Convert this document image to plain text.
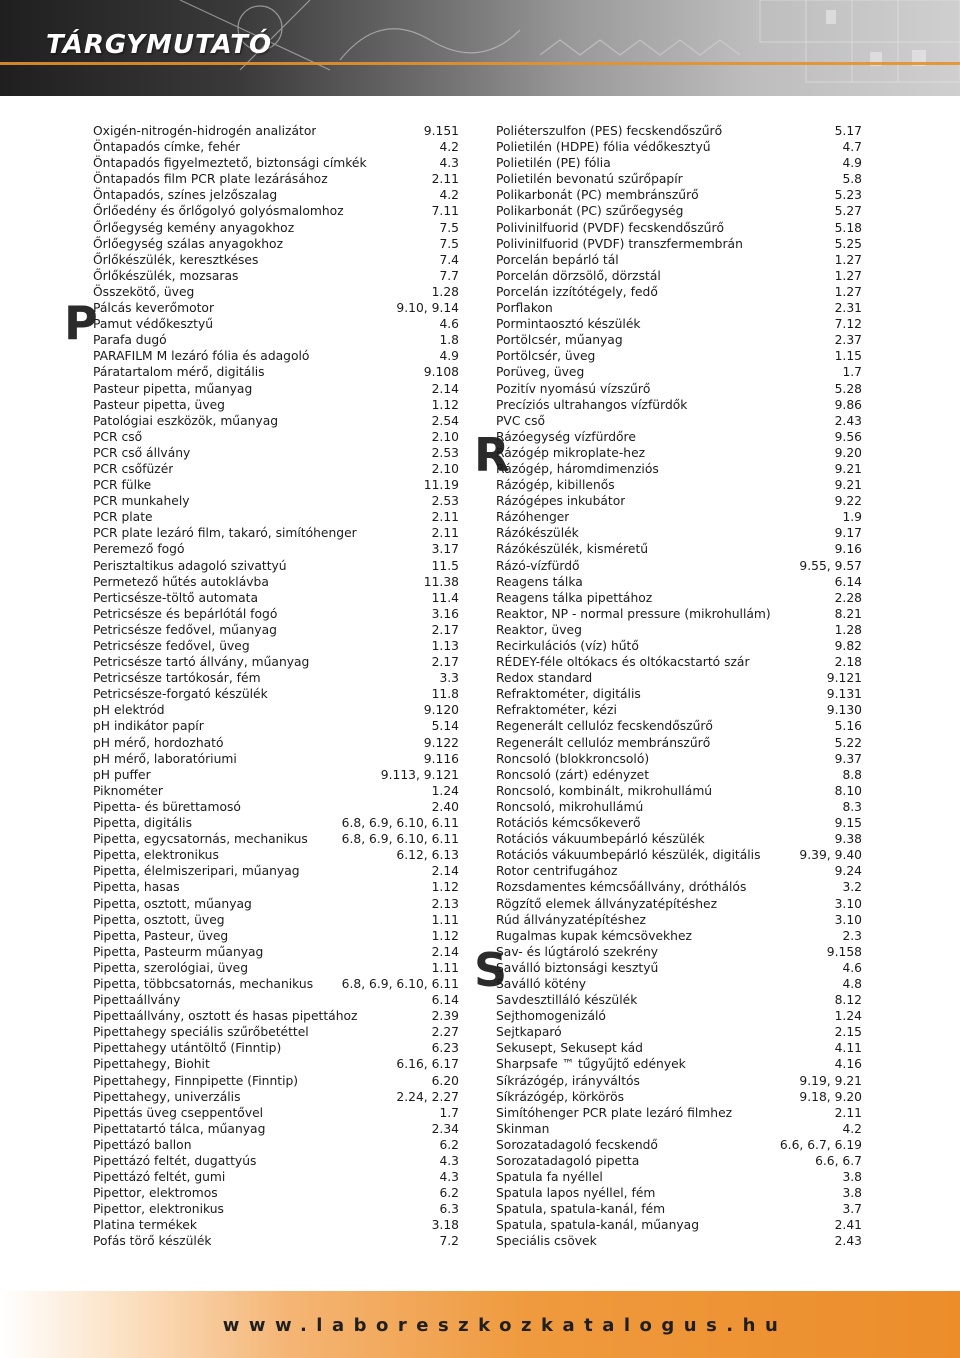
TÁRGYMUTATÓ
P
R
S
Oxigén-nitrogén-hidrogén analizátor	9.151
Öntapadós címke, fehér	4.2
Öntapadós figyelmeztető, biztonsági címkék	4.3
Öntapadós film PCR plate lezárásához	2.11
Öntapadós, színes jelzőszalag	4.2
Őrlőedény és őrlőgolyó golyósmalomhoz	7.11
Őrlőegység kemény anyagokhoz	7.5
Őrlőegység szálas anyagokhoz	7.5
Őrlőkészülék, keresztkéses	7.4
Őrlőkészülék, mozsaras	7.7
Összekötő, üveg	1.28
Pálcás keverőmotor	9.10, 9.14
Pamut védőkesztyű	4.6
Parafa dugó	1.8
PARAFILM M lezáró fólia és adagoló	4.9
Páratartalom mérő, digitális	9.108
Pasteur pipetta, műanyag	2.14
Pasteur pipetta, üveg	1.12
Patológiai eszközök, műanyag	2.54
PCR cső	2.10
PCR cső állvány	2.53
PCR csőfüzér	2.10
PCR fülke	11.19
PCR munkahely	2.53
PCR plate	2.11
PCR plate lezáró film, takaró, simítóhenger	2.11
Peremező fogó	3.17
Perisztaltikus adagoló szivattyú	11.5
Permetező hűtés autoklávba	11.38
Perticsésze-töltő automata	11.4
Petricsésze és bepárlótál fogó	3.16
Petricsésze fedővel, műanyag	2.17
Petricsésze fedővel, üveg	1.13
Petricsésze tartó állvány, műanyag	2.17
Petricsésze tartókosár, fém	3.3
Petricsésze-forgató készülék	11.8
pH elektród	9.120
pH indikátor papír	5.14
pH mérő, hordozható	9.122
pH mérő, laboratóriumi	9.116
pH puffer	9.113, 9.121
Piknométer	1.24
Pipetta- és bürettamosó	2.40
Pipetta, digitális	6.8, 6.9, 6.10, 6.11
Pipetta, egycsatornás, mechanikus	6.8, 6.9, 6.10, 6.11
Pipetta, elektronikus	6.12, 6.13
Pipetta, élelmiszeripari, műanyag	2.14
Pipetta, hasas	1.12
Pipetta, osztott, műanyag	2.13
Pipetta, osztott, üveg	1.11
Pipetta, Pasteur, üveg	1.12
Pipetta, Pasteurm műanyag	2.14
Pipetta, szerológiai, üveg	1.11
Pipetta, többcsatornás, mechanikus	6.8, 6.9, 6.10, 6.11
Pipettaállvány	6.14
Pipettaállvány, osztott és hasas pipettához	2.39
Pipettahegy speciális szűrőbetéttel	2.27
Pipettahegy utántöltő (Finntip)	6.23
Pipettahegy, Biohit	6.16, 6.17
Pipettahegy, Finnpipette (Finntip)	6.20
Pipettahegy, univerzális	2.24, 2.27
Pipettás üveg cseppentővel	1.7
Pipettatartó tálca, műanyag	2.34
Pipettázó ballon	6.2
Pipettázó feltét, dugattyús	4.3
Pipettázó feltét, gumi	4.3
Pipettor, elektromos	6.2
Pipettor, elektronikus	6.3
Platina termékek	3.18
Pofás törő készülék	7.2
Poliéterszulfon (PES) fecskendőszűrő	5.17
Polietilén (HDPE) fólia védőkesztyű	4.7
Polietilén (PE) fólia	4.9
Polietilén bevonatú szűrőpapír	5.8
Polikarbonát (PC) membránszűrő	5.23
Polikarbonát (PC) szűrőegység	5.27
Polivinilfuorid (PVDF) fecskendőszűrő	5.18
Polivinilfuorid (PVDF) transzfermembrán	5.25
Porcelán bepárló tál	1.27
Porcelán dörzsölő, dörzstál	1.27
Porcelán izzítótégely, fedő	1.27
Porflakon	2.31
Pormintaosztó készülék	7.12
Portölcsér, műanyag	2.37
Portölcsér, üveg	1.15
Porüveg, üveg	1.7
Pozitív nyomású vízszűrő	5.28
Precíziós ultrahangos vízfürdők	9.86
PVC cső	2.43
Rázóegység vízfürdőre	9.56
Rázógép mikroplate-hez	9.20
Rázógép, háromdimenziós	9.21
Rázógép, kibillenős	9.21
Rázógépes inkubátor	9.22
Rázóhenger	1.9
Rázókészülék	9.17
Rázókészülék, kisméretű	9.16
Rázó-vízfürdő	9.55, 9.57
Reagens tálka	6.14
Reagens tálka pipettához	2.28
Reaktor, NP - normal pressure (mikrohullám)	8.21
Reaktor, üveg	1.28
Recirkulációs (víz) hűtő	9.82
RÉDEY-féle oltókacs és oltókacstartó szár	2.18
Redox standard	9.121
Refraktométer, digitális	9.131
Refraktométer, kézi	9.130
Regenerált cellulóz fecskendőszűrő	5.16
Regenerált cellulóz membránszűrő	5.22
Roncsoló (blokkroncsoló)	9.37
Roncsoló (zárt) edényzet	8.8
Roncsoló, kombinált, mikrohullámú	8.10
Roncsoló, mikrohullámú	8.3
Rotációs kémcsőkeverő	9.15
Rotációs vákuumbepárló készülék	9.38
Rotációs vákuumbepárló készülék, digitális	9.39, 9.40
Rotor centrifugához	9.24
Rozsdamentes kémcsőállvány, dróthálós	3.2
Rögzítő elemek állványzatépítéshez	3.10
Rúd állványzatépítéshez	3.10
Rugalmas kupak kémcsövekhez	2.3
Sav- és lúgtároló szekrény	9.158
Saválló biztonsági kesztyű	4.6
Saválló kötény	4.8
Savdesztilláló készülék	8.12
Sejthomogenizáló	1.24
Sejtkaparó	2.15
Sekusept, Sekusept kád	4.11
Sharpsafe ™ tűgyűjtő edények	4.16
Síkrázógép, irányváltós	9.19, 9.21
Síkrázógép, körkörös	9.18, 9.20
Simítóhenger PCR plate lezáró filmhez	2.11
Skinman	4.2
Sorozatadagoló fecskendő	6.6, 6.7, 6.19
Sorozatadagoló pipetta	6.6, 6.7
Spatula fa nyéllel	3.8
Spatula lapos nyéllel, fém	3.8
Spatula, spatula-kanál, fém	3.7
Spatula, spatula-kanál, műanyag	2.41
Speciális csövek	2.43
www.laboreszkozkatalogus.hu
